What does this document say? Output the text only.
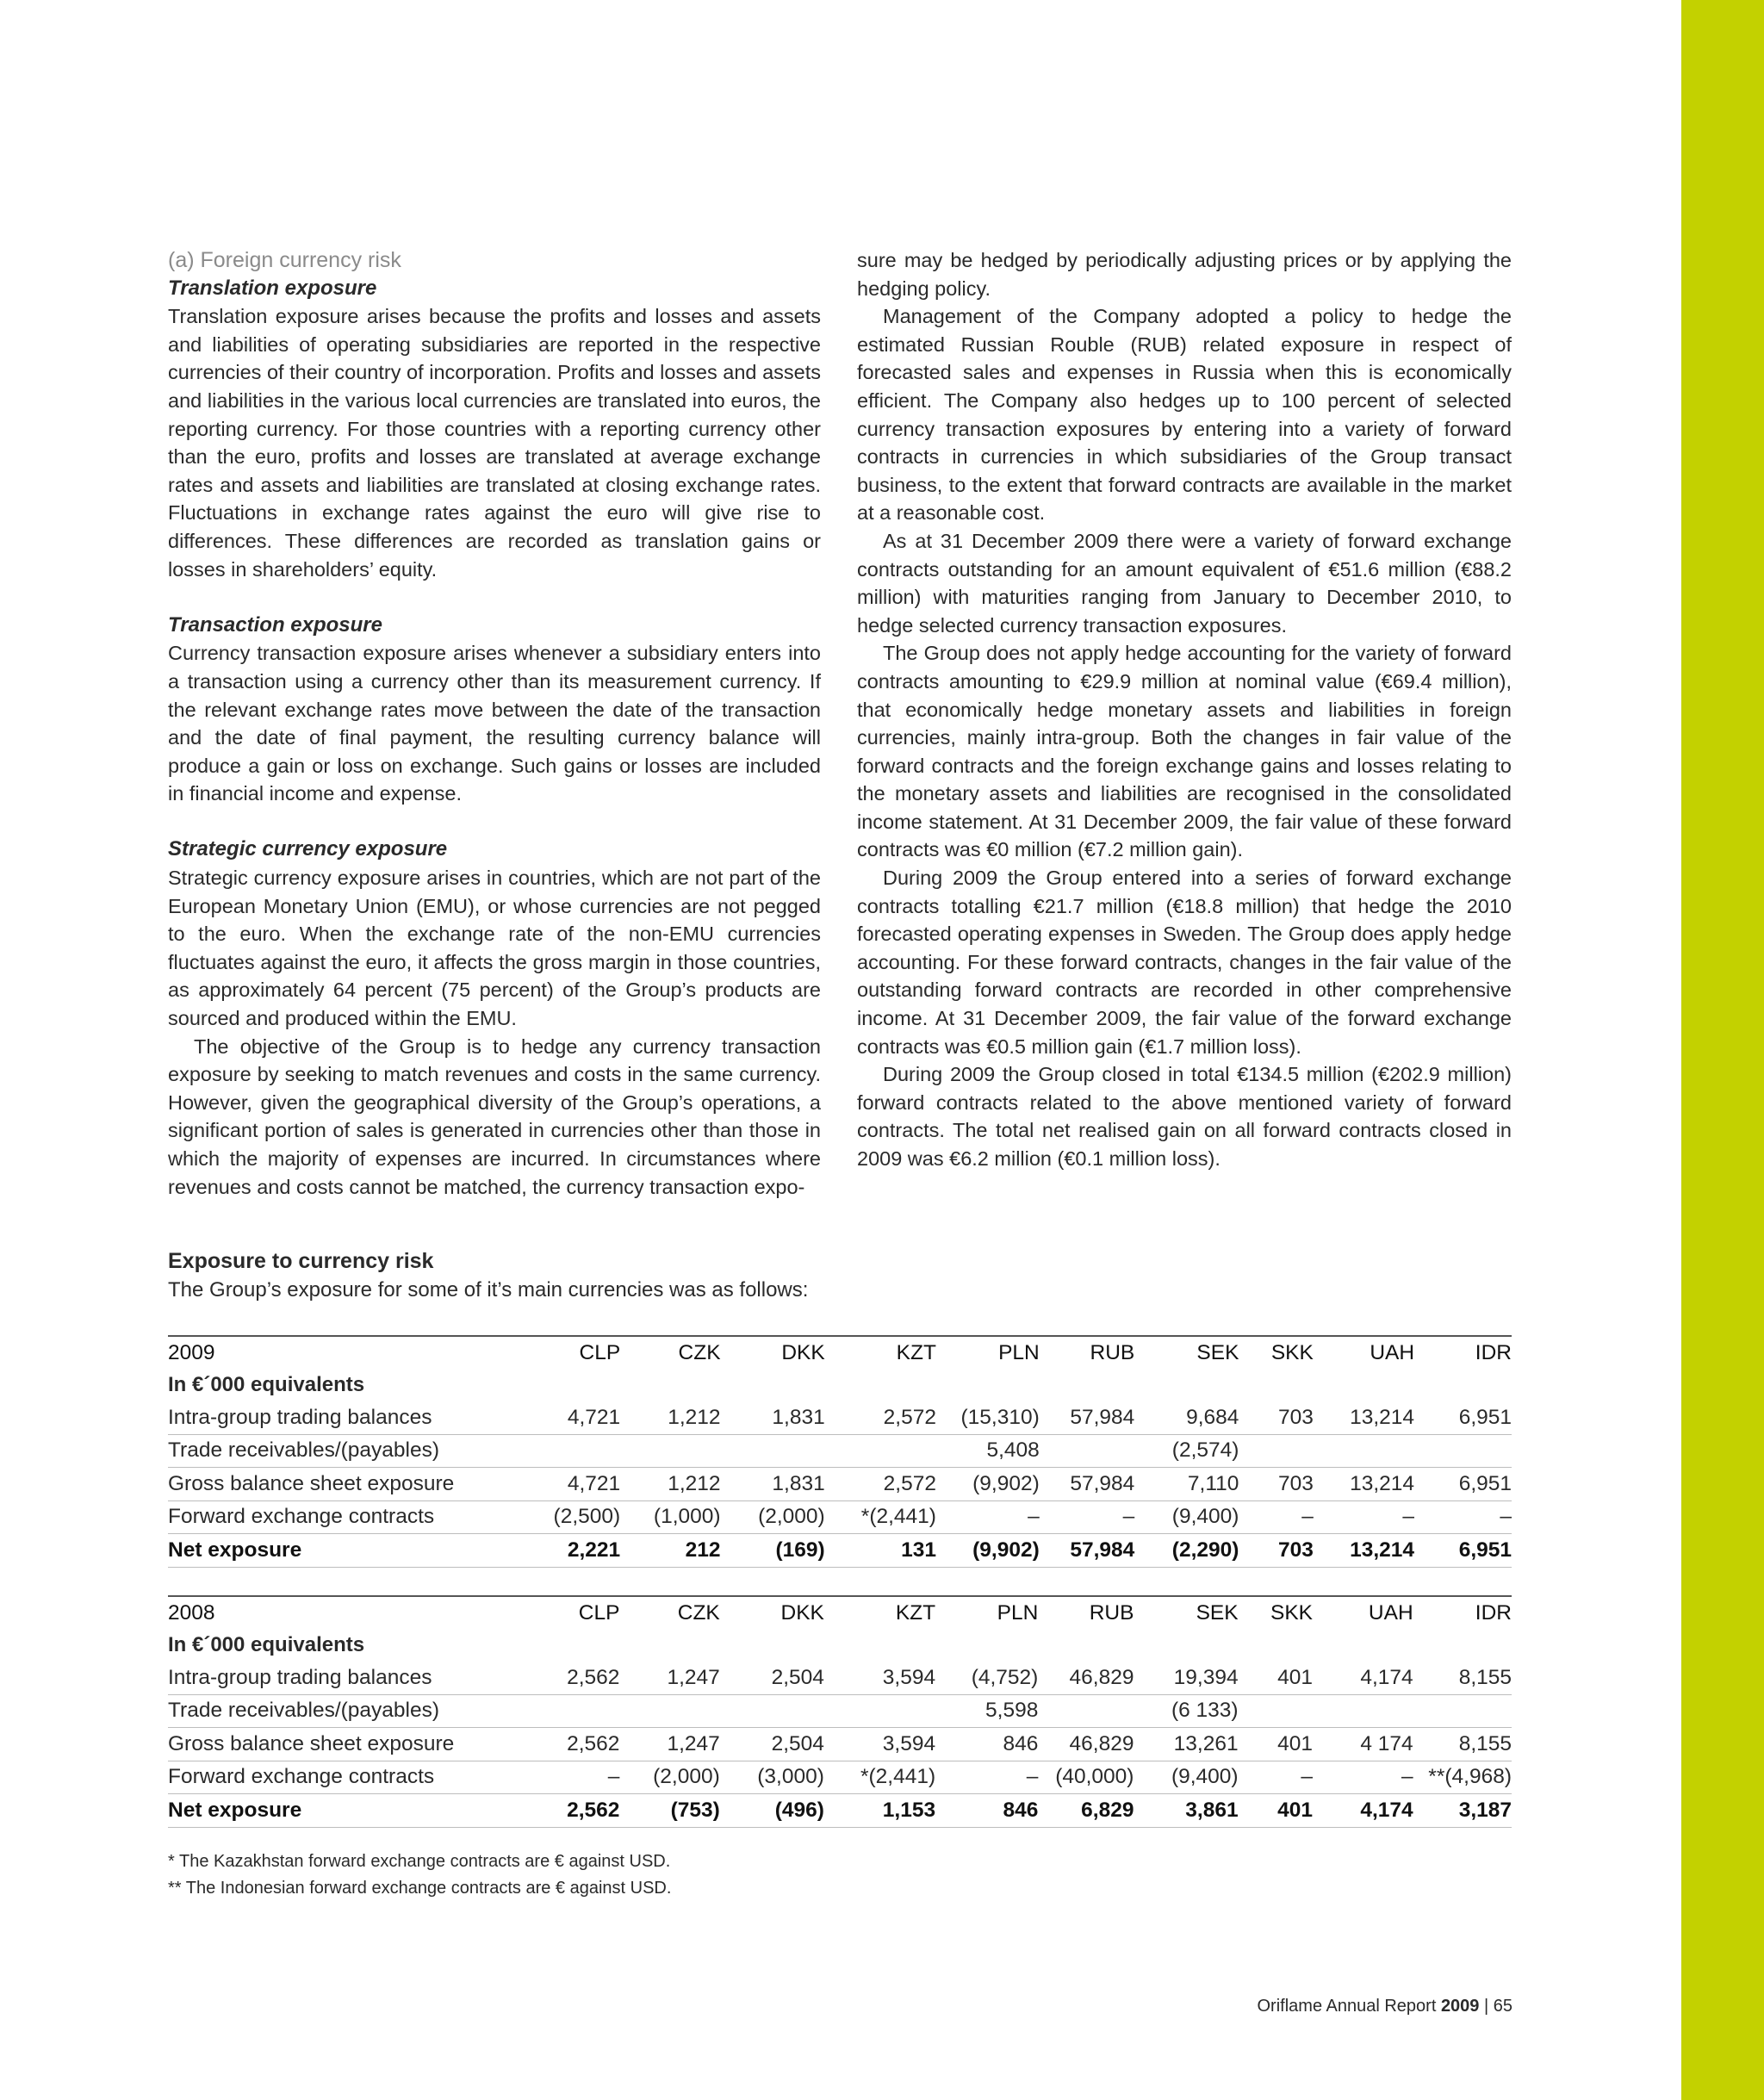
(a) Foreign currency risk

Translation exposure

Translation exposure arises because the profits and losses and assets and liabilities of operating subsidiaries are reported in the respective currencies of their country of incorporation. Profits and losses and assets and liabilities in the various local currencies are translated into euros, the reporting currency. For those countries with a reporting currency other than the euro, profits and losses are translated at average exchange rates and assets and liabilities are translated at closing exchange rates. Fluctuations in exchange rates against the euro will give rise to differences. These differences are recorded as translation gains or losses in shareholders’ equity.

Transaction exposure

Currency transaction exposure arises whenever a subsidiary enters into a transaction using a currency other than its measurement currency. If the relevant exchange rates move between the date of the transaction and the date of final payment, the resulting currency balance will produce a gain or loss on exchange. Such gains or losses are included in financial income and expense.

Strategic currency exposure

Strategic currency exposure arises in countries, which are not part of the European Monetary Union (EMU), or whose currencies are not pegged to the euro. When the exchange rate of the non-EMU currencies fluctuates against the euro, it affects the gross margin in those countries, as approximately 64 percent (75 percent) of the Group’s products are sourced and produced within the EMU.

The objective of the Group is to hedge any currency transaction exposure by seeking to match revenues and costs in the same currency. However, given the geographical diversity of the Group’s operations, a significant portion of sales is generated in currencies other than those in which the majority of expenses are incurred. In circumstances where revenues and costs cannot be matched, the currency transaction expo-

sure may be hedged by periodically adjusting prices or by applying the hedging policy.

Management of the Company adopted a policy to hedge the estimated Russian Rouble (RUB) related exposure in respect of forecasted sales and expenses in Russia when this is economically efficient. The Company also hedges up to 100 percent of selected currency transaction exposures by entering into a variety of forward contracts in currencies in which subsidiaries of the Group transact business, to the extent that forward contracts are available in the market at a reasonable cost.

As at 31 December 2009 there were a variety of forward exchange contracts outstanding for an amount equivalent of €51.6 million (€88.2 million) with maturities ranging from January to December 2010, to hedge selected currency transaction exposures.

The Group does not apply hedge accounting for the variety of forward contracts amounting to €29.9 million at nominal value (€69.4 million), that economically hedge monetary assets and liabilities in foreign currencies, mainly intra-group. Both the changes in fair value of the forward contracts and the foreign exchange gains and losses relating to the monetary assets and liabilities are recognised in the consolidated income statement. At 31 December 2009, the fair value of these forward contracts was €0 million (€7.2 million gain).

During 2009 the Group entered into a series of forward exchange contracts totalling €21.7 million (€18.8 million) that hedge the 2010 forecasted operating expenses in Sweden. The Group does apply hedge accounting. For these forward contracts, changes in the fair value of the outstanding forward contracts are recorded in other comprehensive income. At 31 December 2009, the fair value of the forward exchange contracts was €0.5 million gain (€1.7 million loss).

During 2009 the Group closed in total €134.5 million (€202.9 million) forward contracts related to the above mentioned variety of forward contracts. The total net realised gain on all forward contracts closed in 2009 was €6.2 million (€0.1 million loss).

Exposure to currency risk
The Group’s exposure for some of it’s main currencies was as follows:
2009	CLP	CZK	DKK	KZT	PLN	RUB	SEK	SKK	UAH	IDR
In €´000 equivalents										
Intra-group trading balances	4,721	1,212	1,831	2,572	(15,310)	57,984	9,684	703	13,214	6,951
Trade receivables/(payables)					5,408		(2,574)			
Gross balance sheet exposure	4,721	1,212	1,831	2,572	(9,902)	57,984	7,110	703	13,214	6,951
Forward exchange contracts	(2,500)	(1,000)	(2,000)	*(2,441)	–	–	(9,400)	–	–	–
Net exposure	2,221	212	(169)	131	(9,902)	57,984	(2,290)	703	13,214	6,951
2008	CLP	CZK	DKK	KZT	PLN	RUB	SEK	SKK	UAH	IDR
In €´000 equivalents										
Intra-group trading balances	2,562	1,247	2,504	3,594	(4,752)	46,829	19,394	401	4,174	8,155
Trade receivables/(payables)					5,598		(6 133)			
Gross balance sheet exposure	2,562	1,247	2,504	3,594	846	46,829	13,261	401	4 174	8,155
Forward exchange contracts	–	(2,000)	(3,000)	*(2,441)	–	(40,000)	(9,400)	–	–	**(4,968)
Net exposure	2,562	(753)	(496)	1,153	846	6,829	3,861	401	4,174	3,187
* The Kazakhstan forward exchange contracts are € against USD.
** The Indonesian forward exchange contracts are € against USD.
Oriflame Annual Report 2009 | 65
